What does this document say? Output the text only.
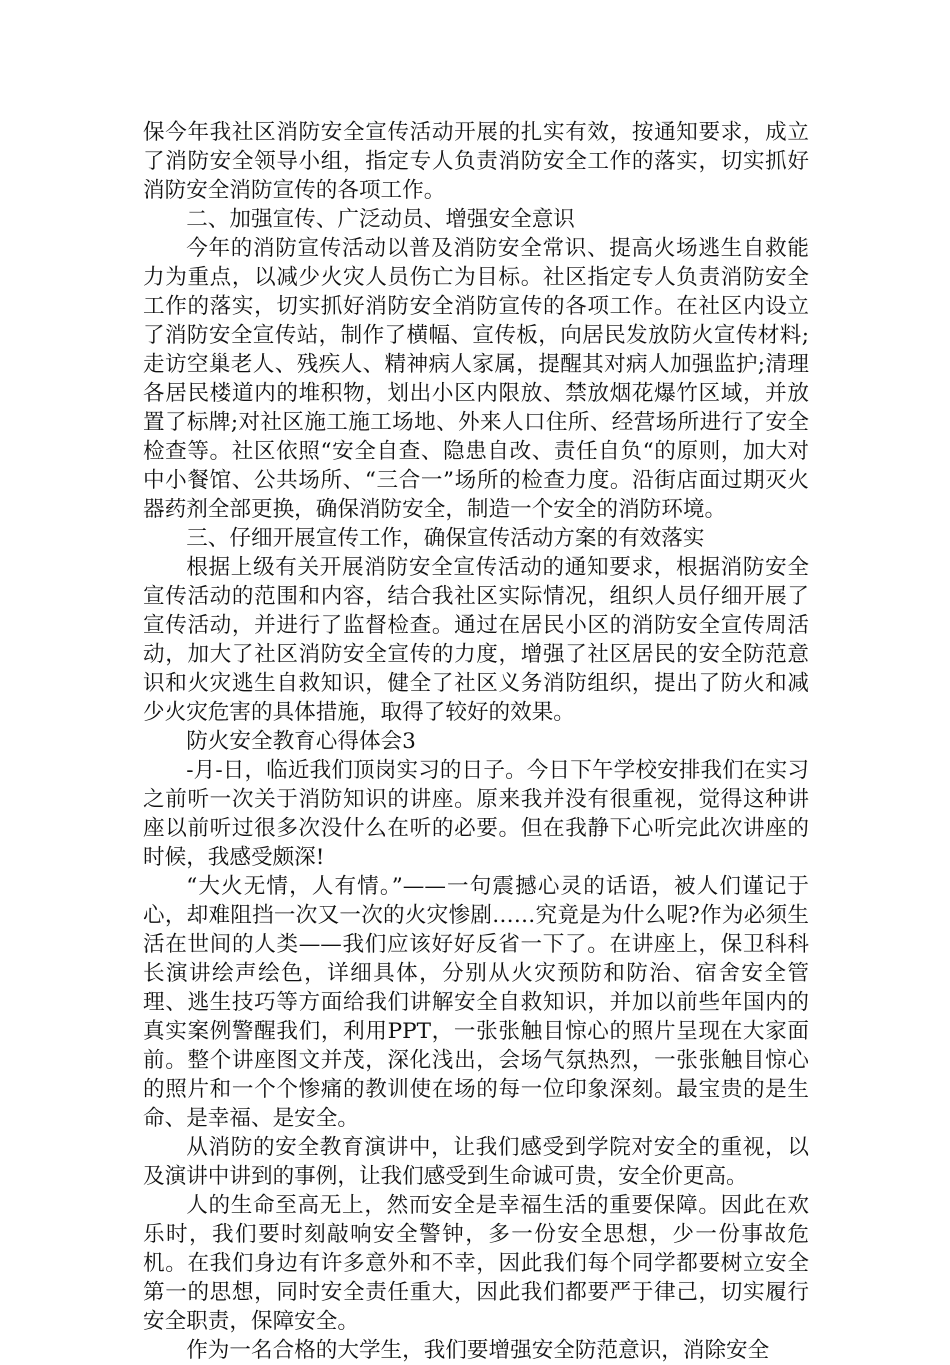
保今年我社区消防安全宣传活动开展的扎实有效，按通知要求，成立了消防安全领导小组，指定专人负责消防安全工作的落实，切实抓好消防安全消防宣传的各项工作。

二、加强宣传、广泛动员、增强安全意识

今年的消防宣传活动以普及消防安全常识、提高火场逃生自救能力为重点，以减少火灾人员伤亡为目标。社区指定专人负责消防安全工作的落实，切实抓好消防安全消防宣传的各项工作。在社区内设立了消防安全宣传站，制作了横幅、宣传板，向居民发放防火宣传材料;走访空巢老人、残疾人、精神病人家属，提醒其对病人加强监护;清理各居民楼道内的堆积物，划出小区内限放、禁放烟花爆竹区域，并放置了标牌;对社区施工施工场地、外来人口住所、经营场所进行了安全检查等。社区依照“安全自查、隐患自改、责任自负“的原则，加大对中小餐馆、公共场所、“三合一”场所的检查力度。沿街店面过期灭火器药剂全部更换，确保消防安全，制造一个安全的消防环境。

三、仔细开展宣传工作，确保宣传活动方案的有效落实

根据上级有关开展消防安全宣传活动的通知要求，根据消防安全宣传活动的范围和内容，结合我社区实际情况，组织人员仔细开展了宣传活动，并进行了监督检查。通过在居民小区的消防安全宣传周活动，加大了社区消防安全宣传的力度，增强了社区居民的安全防范意识和火灾逃生自救知识，健全了社区义务消防组织，提出了防火和减少火灾危害的具体措施，取得了较好的效果。

防火安全教育心得体会3

-月-日，临近我们顶岗实习的日子。今日下午学校安排我们在实习之前听一次关于消防知识的讲座。原来我并没有很重视，觉得这种讲座以前听过很多次没什么在听的必要。但在我静下心听完此次讲座的时候，我感受颇深!

“大火无情，人有情。”——一句震撼心灵的话语，被人们谨记于心，却难阻挡一次又一次的火灾惨剧……究竟是为什么呢?作为必须生活在世间的人类——我们应该好好反省一下了。在讲座上，保卫科科长演讲绘声绘色，详细具体，分别从火灾预防和防治、宿舍安全管理、逃生技巧等方面给我们讲解安全自救知识，并加以前些年国内的真实案例警醒我们，利用PPT，一张张触目惊心的照片呈现在大家面前。整个讲座图文并茂，深化浅出，会场气氛热烈，一张张触目惊心的照片和一个个惨痛的教训使在场的每一位印象深刻。最宝贵的是生命、是幸福、是安全。

从消防的安全教育演讲中，让我们感受到学院对安全的重视，以及演讲中讲到的事例，让我们感受到生命诚可贵，安全价更高。

人的生命至高无上，然而安全是幸福生活的重要保障。因此在欢乐时，我们要时刻敲响安全警钟，多一份安全思想，少一份事故危机。在我们身边有许多意外和不幸，因此我们每个同学都要树立安全第一的思想，同时安全责任重大，因此我们都要严于律己，切实履行安全职责，保障安全。

作为一名合格的大学生，我们要增强安全防范意识，消除安全
